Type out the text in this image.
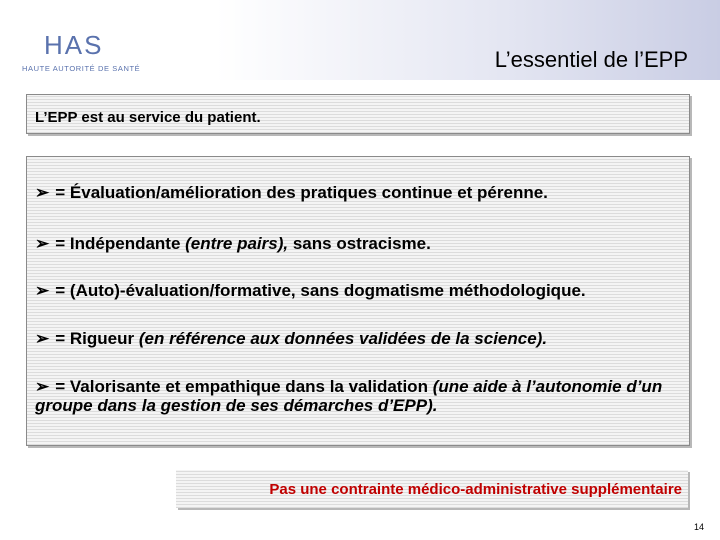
HAS
HAUTE AUTORITÉ DE SANTÉ	L’essentiel de l’EPP
L’EPP est au service du patient.
➢ = Évaluation/amélioration des pratiques continue et pérenne.
➢ = Indépendante (entre pairs), sans ostracisme.
➢ = (Auto)-évaluation/formative, sans dogmatisme méthodologique.
➢ = Rigueur (en référence aux données validées de la science).
➢ = Valorisante et empathique dans la validation (une aide à l’autonomie d’un groupe dans la gestion de ses démarches d’EPP).
Pas une contrainte médico-administrative supplémentaire
14
